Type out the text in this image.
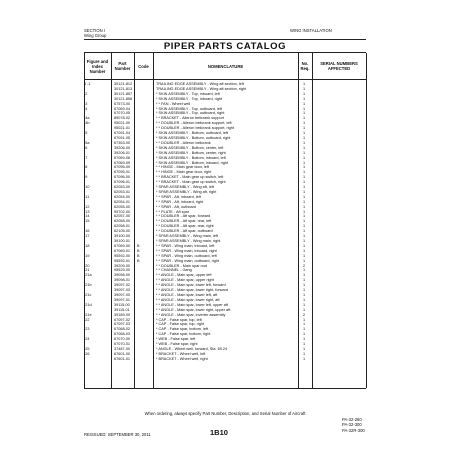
SECTION I
Wing Group
WING INSTALLATION
PIPER PARTS CATALOG
Figure and Index Number
Part Number	Code	NOMENCLATURE	No. Req.
SERIAL NUMBERS AFFECTED
5 -1	30121-812	TRAILING EDGE ASSEMBLY - Wing aft section, left	1
30121-813	TRAILING EDGE ASSEMBLY - Wing aft section, right	1
-2	30121-857	* SKIN ASSEMBLY - Top, inboard, left	1
30121-858	* SKIN ASSEMBLY - Top, inboard, right	1
-3	67573-00	* * FAN - Wheel well	1
-4	67069-04	* SKIN ASSEMBLY - Top, outboard, left	1
67070-05	* SKIN ASSEMBLY - Top, outboard, right	1
-4a	89078-02	* * BRACKET - Aileron bellcrank support	1
-4b	95021-00	* * DOUBLER - Aileron bellcrank support, left	1
95021-01	* * DOUBLER - Aileron bellcrank support, right	1
-5	67091-04	* SKIN ASSEMBLY - Bottom, outboard, left	1
67091-05	* SKIN ASSEMBLY - Bottom, outboard, right	1
-5a	67353-00	* * DOUBLER - Aileron bellcrank	1
-6	39206-00	* SKIN ASSEMBLY - Bottom, center, left	1
39206-01	* SKIN ASSEMBLY - Bottom, center, right	1
-7	67069-08	* SKIN ASSEMBLY - Bottom, inboard, left	1
67069-09	* SKIN ASSEMBLY - Bottom, inboard, right	1
-8	67095-00	* * HINGE - Main gear door, left	1
67095-01	* * HINGE - Main gear door, right	1
-9	67096-00	* * BRACKET - Main gear up switch, left	1
67096-01	* * BRACKET - Main gear up switch, right	1
-10	62053-00	* SPAR ASSEMBLY - Wing aft, left	1
62053-01	* SPAR ASSEMBLY - Wing aft, right	1
-11	62054-00	* * SPAR - Aft, inboard, left	1
62054-01	* * SPAR - Aft, inboard, right	1
-12	62055-00	* * SPAR - Aft, outboard	1
-13	95702-00	* * PLATE - Aft spar	1
-14	62057-00	* * DOUBLER - Aft spar, forward	1
-15	62058-00	* * DOUBLER - Aft spar, rear, left	1
62058-01	* * DOUBLER - Aft spar, rear, right	1
-16	62105-00	* * DOUBLER - Aft spar, outboard	1
-17	39100-00	* SPAR ASSEMBLY - Wing main, left	1
39100-01	* SPAR ASSEMBLY - Wing main, right	1
-18	67069-00 B	* * SPAR - Wing main, inboard, left	1
67069-01 B	* * SPAR - Wing main, inboard, right	1
-19	95592-00 B	* * SPAR - Wing main, outboard, left	1
95592-01 B	* * SPAR - Wing main, outboard, right	1
-20	39209-00	* * DOUBLER - Main spar root	2
-21	95529-00	* * CHANNEL - Gang	1
-21a	39098-00	* * ANGLE - Main spar, upper left	1
39098-01	* * ANGLE - Main spar, upper right	1
-21b	39097-02	* * ANGLE - Main spar, lower left, forward	1
39097-03	* * ANGLE - Main spar, lower right, forward	1
-21c	39097-00	* * ANGLE - Main spar, lower left, aft	1
39097-01	* * ANGLE - Main spar, lower right, aft	1
-21d	39115-00	* * ANGLE - Main spar, lower left, upper aft	1
39115-01	* * ANGLE - Main spar, lower right, upper aft	1
-21e	39189-00	* * ANGLE - Main spar, inverter assembly	2
-22	67097-02	* CAP - False spar, top, left	1
67097-03	* CAP - False spar, top, right	1
-23	67068-02	* CAP - False spar, bottom, left	1
67068-03	* CAP - False spar, bottom, right	1
-24	67070-00	* WEB - False spar, left	1
67070-01	* WEB - False spar, right	1
-25	37487-00	* ANGLE - Wheel well, forward, Sta. 69.24	1
-26	67601-00	* BRACKET - Wheel well, left	1
67601-01	* BRACKET - Wheel well, right	1
When ordering, always specify Part Number, Description, and Serial Number of Aircraft
REISSUED: SEPTEMBER 30, 2011	1B10
PA-32-260
PA-32-300
PA-32R-300
